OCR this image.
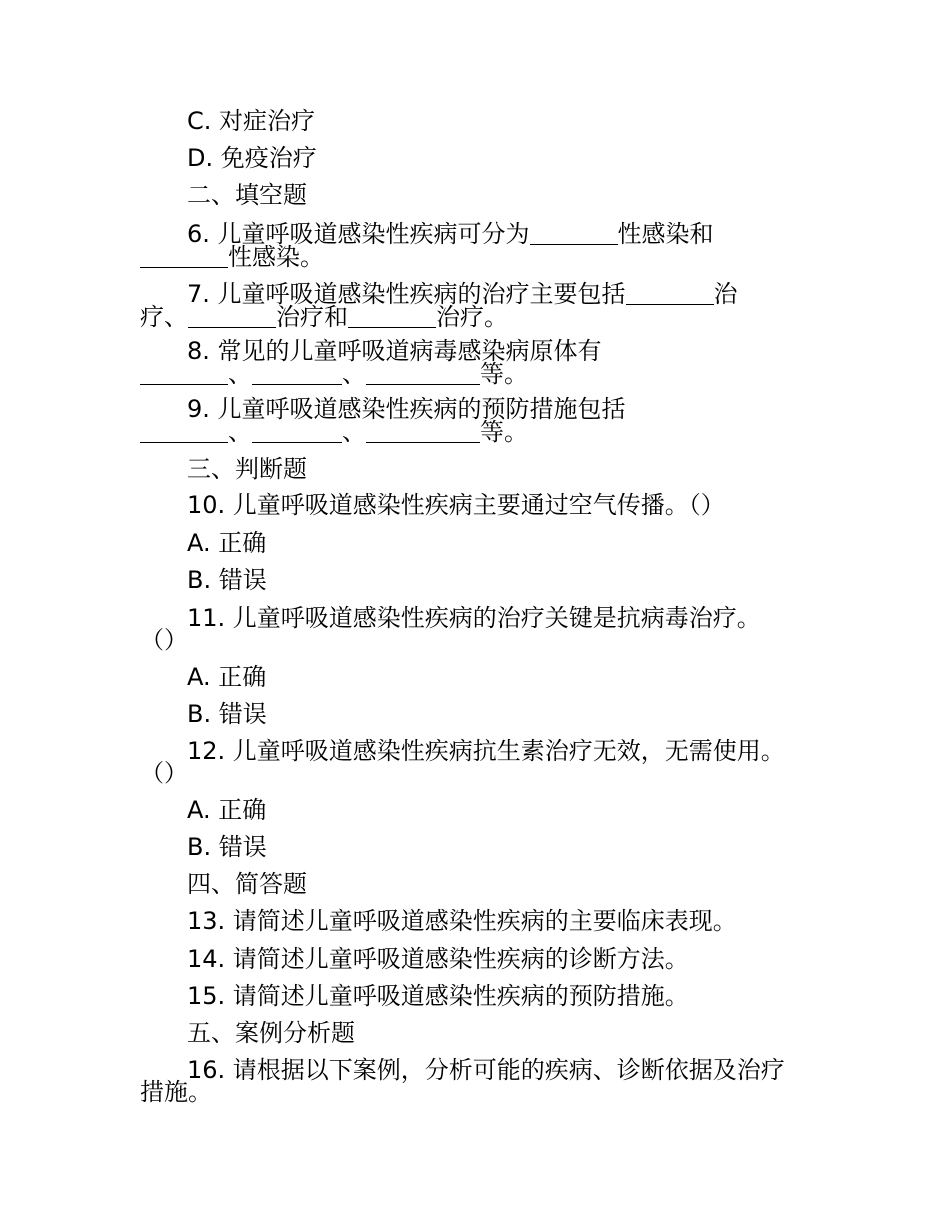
C. 对症治疗
D. 免疫治疗
二、填空题
6. 儿童呼吸道感染性疾病可分为	性感染和
性感染。
7. 儿童呼吸道感染性疾病的治疗主要包括	治
疗、	治疗和	治疗。
8. 常见的儿童呼吸道病毒感染病原体有
、	、	等。
9. 儿童呼吸道感染性疾病的预防措施包括
、	、	等。
三、判断题
10. 儿童呼吸道感染性疾病主要通过空气传播。（）
A. 正确
B. 错误
11. 儿童呼吸道感染性疾病的治疗关键是抗病毒治疗。
（）
A. 正确
B. 错误
12. 儿童呼吸道感染性疾病抗生素治疗无效，无需使用。
（）
A. 正确
B. 错误
四、简答题
13. 请简述儿童呼吸道感染性疾病的主要临床表现。
14. 请简述儿童呼吸道感染性疾病的诊断方法。
15. 请简述儿童呼吸道感染性疾病的预防措施。
五、案例分析题
16. 请根据以下案例，分析可能的疾病、诊断依据及治疗
措施。
